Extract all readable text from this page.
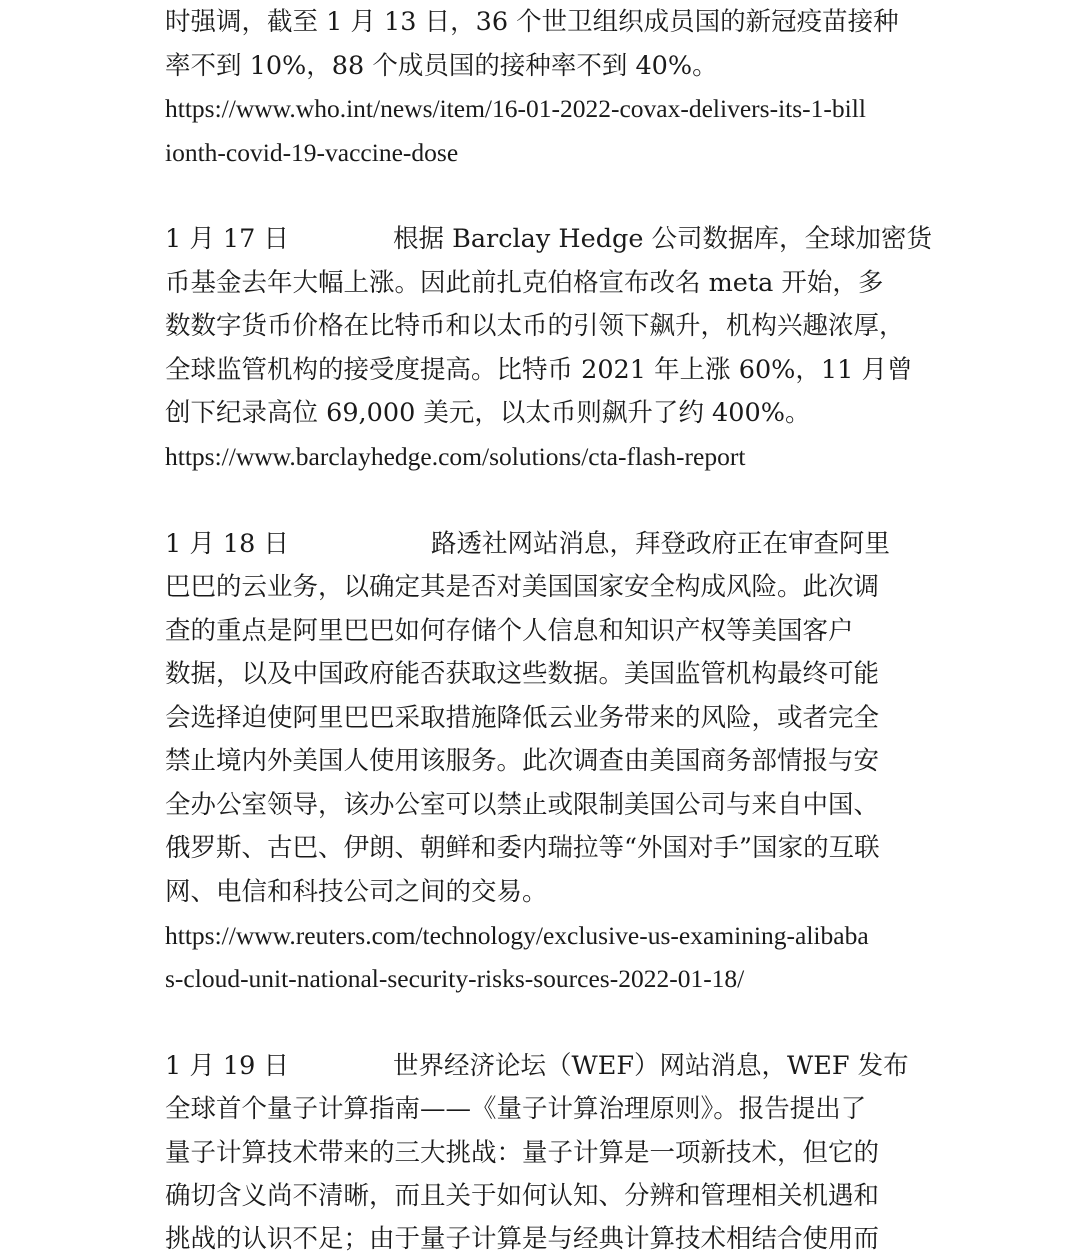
时强调，截至 1 月 13 日，36 个世卫组织成员国的新冠疫苗接种
率不到 10%，88 个成员国的接种率不到 40%。
https://www.who.int/news/item/16-01-2022-covax-delivers-its-1-bill
ionth-covid-19-vaccine-dose
1 月 17 日	根据 Barclay Hedge 公司数据库，全球加密货
币基金去年大幅上涨。因此前扎克伯格宣布改名 meta 开始，多
数数字货币价格在比特币和以太币的引领下飙升，机构兴趣浓厚，
全球监管机构的接受度提高。比特币 2021 年上涨 60%，11 月曾
创下纪录高位 69,000 美元，以太币则飙升了约 400%。
https://www.barclayhedge.com/solutions/cta-flash-report
1 月 18 日	路透社网站消息，拜登政府正在审查阿里
巴巴的云业务，以确定其是否对美国国家安全构成风险。此次调
查的重点是阿里巴巴如何存储个人信息和知识产权等美国客户
数据，以及中国政府能否获取这些数据。美国监管机构最终可能
会选择迫使阿里巴巴采取措施降低云业务带来的风险，或者完全
禁止境内外美国人使用该服务。此次调查由美国商务部情报与安
全办公室领导，该办公室可以禁止或限制美国公司与来自中国、
俄罗斯、古巴、伊朗、朝鲜和委内瑞拉等“外国对手”国家的互联
网、电信和科技公司之间的交易。
https://www.reuters.com/technology/exclusive-us-examining-alibaba
s-cloud-unit-national-security-risks-sources-2022-01-18/
1 月 19 日	世界经济论坛（WEF）网站消息，WEF 发布
全球首个量子计算指南——《量子计算治理原则》。报告提出了
量子计算技术带来的三大挑战：量子计算是一项新技术，但它的
确切含义尚不清晰，而且关于如何认知、分辨和管理相关机遇和
挑战的认识不足；由于量子计算是与经典计算技术相结合使用而
